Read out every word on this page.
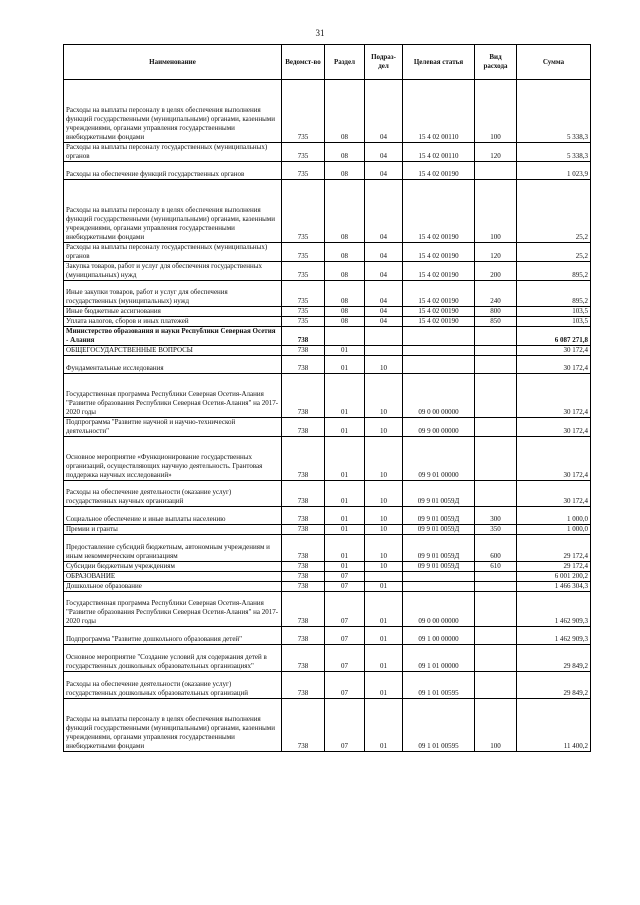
31
Наименование	Ведомст-во	Раздел	Подраз-дел	Целевая статья	Вид расхода	Сумма
Расходы на выплаты персоналу в целях обеспечения выполнения функций государственными (муниципальными) органами, казенными учреждениями, органами управления государственными внебюджетными фондами	735	08	04	15 4 02 00110	100	5 338,3
Расходы на выплаты персоналу государственных (муниципальных) органов	735	08	04	15 4 02 00110	120	5 338,3
Расходы на обеспечение функций государственных органов	735	08	04	15 4 02 00190		1 023,9
Расходы на выплаты персоналу в целях обеспечения выполнения функций государственными (муниципальными) органами, казенными учреждениями, органами управления государственными внебюджетными фондами	735	08	04	15 4 02 00190	100	25,2
Расходы на выплаты персоналу государственных (муниципальных) органов	735	08	04	15 4 02 00190	120	25,2
Закупка товаров, работ и услуг для обеспечения государственных (муниципальных) нужд	735	08	04	15 4 02 00190	200	895,2
Иные закупки товаров, работ и услуг для обеспечения государственных (муниципальных) нужд	735	08	04	15 4 02 00190	240	895,2
Иные бюджетные ассигнования	735	08	04	15 4 02 00190	800	103,5
Уплата налогов, сборов и иных платежей	735	08	04	15 4 02 00190	850	103,5
Министерство образования и науки Республики Северная Осетия - Алания	738					6 087 271,8
ОБЩЕГОСУДАРСТВЕННЫЕ ВОПРОСЫ	738	01				30 172,4
Фундаментальные исследования	738	01	10			30 172,4
Государственная программа Республики Северная Осетия-Алания "Развитие образования Республики Северная Осетия-Алания" на 2017-2020 годы	738	01	10	09 0 00 00000		30 172,4
Подпрограмма "Развитие научной и научно-технической деятельности"	738	01	10	09 9 00 00000		30 172,4
Основное мероприятие «Функционирование государственных организаций, осуществляющих научную деятельность. Грантовая поддержка научных исследований»	738	01	10	09 9 01 00000		30 172,4
Расходы на обеспечение деятельности (оказание услуг) государственных научных организаций	738	01	10	09 9 01 0059Д		30 172,4
Социальное обеспечение и иные выплаты населению	738	01	10	09 9 01 0059Д	300	1 000,0
Премии и гранты	738	01	10	09 9 01 0059Д	350	1 000,0
Предоставление субсидий бюджетным, автономным учреждениям и иным некоммерческим организациям	738	01	10	09 9 01 0059Д	600	29 172,4
Субсидии бюджетным учреждениям	738	01	10	09 9 01 0059Д	610	29 172,4
ОБРАЗОВАНИЕ	738	07				6 001 200,2
Дошкольное образование	738	07	01			1 466 304,3
Государственная программа Республики Северная Осетия-Алания "Развитие образования Республики Северная Осетия-Алания" на 2017-2020 годы	738	07	01	09 0 00 00000		1 462 909,3
Подпрограмма "Развитие дошкольного образования детей"	738	07	01	09 1 00 00000		1 462 909,3
Основное мероприятие "Создание условий для содержания детей в государственных дошкольных образовательных организациях"	738	07	01	09 1 01 00000		29 849,2
Расходы на обеспечение деятельности (оказание услуг) государственных дошкольных образовательных организаций	738	07	01	09 1 01 00595		29 849,2
Расходы на выплаты персоналу в целях обеспечения выполнения функций государственными (муниципальными) органами, казенными учреждениями, органами управления государственными внебюджетными фондами	738	07	01	09 1 01 00595	100	11 400,2
